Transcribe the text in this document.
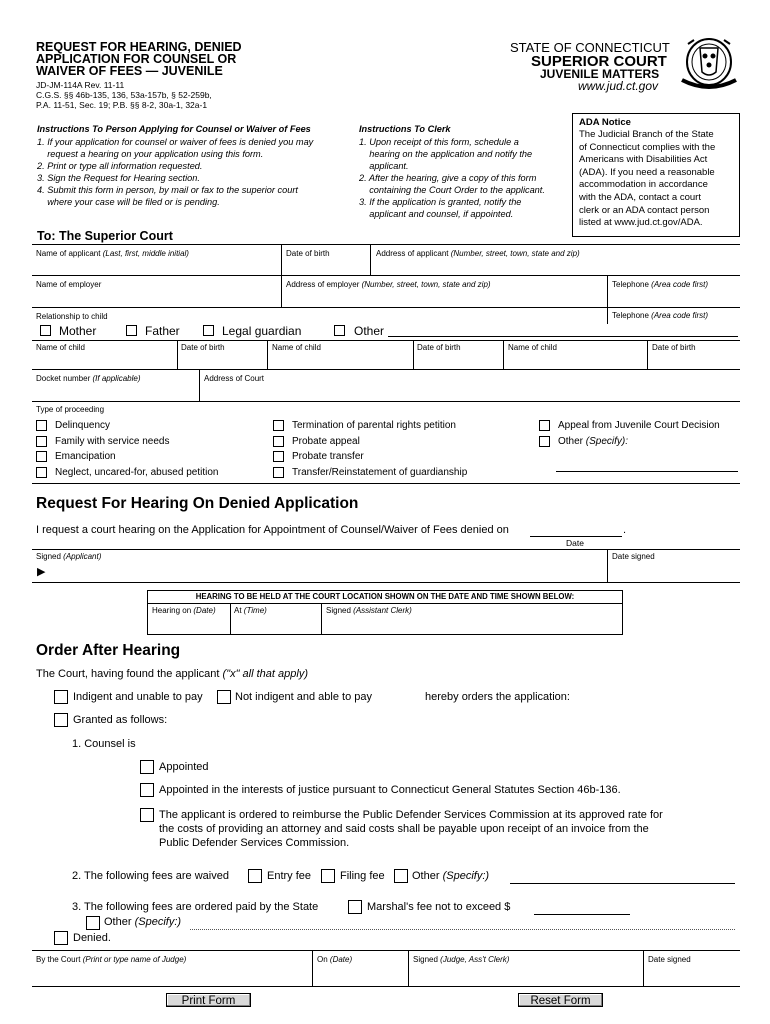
REQUEST FOR HEARING, DENIED
APPLICATION FOR COUNSEL OR
WAIVER OF FEES — JUVENILE
JD-JM-114A Rev. 11-11
C.G.S. §§ 46b-135, 136, 53a-157b, § 52-259b,
P.A. 11-51, Sec. 19; P.B. §§ 8-2, 30a-1, 32a-1
STATE OF CONNECTICUT
SUPERIOR COURT
JUVENILE MATTERS
www.jud.ct.gov
Instructions To Person Applying for Counsel or Waiver of Fees
1. If your application for counsel or waiver of fees is denied you may
request a hearing on your application using this form.
2. Print or type all information requested.
3. Sign the Request for Hearing section.
4. Submit this form in person, by mail or fax to the superior court
where your case will be filed or is pending.
Instructions To Clerk
1. Upon receipt of this form, schedule a
hearing on the application and notify the
applicant.
2. After the hearing, give a copy of this form
containing the Court Order to the applicant.
3. If the application is granted, notify the
applicant and counsel, if appointed.
ADA Notice
The Judicial Branch of the State
of Connecticut complies with the
Americans with Disabilities Act
(ADA). If you need a reasonable
accommodation in accordance
with the ADA, contact a court
clerk or an ADA contact person
listed at www.jud.ct.gov/ADA.
To: The Superior Court
Name of applicant (Last, first, middle initial)	Date of birth	Address of applicant (Number, street, town, state and zip)
Name of employer	Address of employer (Number, street, town, state and zip)	Telephone (Area code first)
Relationship to child	Telephone (Area code first)
Mother	Father	Legal guardian	Other
Name of child	Date of birth	Name of child	Date of birth	Name of child	Date of birth
Docket number (If applicable)	Address of Court
Type of proceeding
Delinquency
Family with service needs
Emancipation
Neglect, uncared-for, abused petition
Termination of parental rights petition
Probate appeal
Probate transfer
Transfer/Reinstatement of guardianship
Appeal from Juvenile Court Decision
Other (Specify):
Request For Hearing On Denied Application
I request a court hearing on the Application for Appointment of Counsel/Waiver of Fees denied on	.
Date
Signed (Applicant)
▶
Date signed
HEARING TO BE HELD AT THE COURT LOCATION SHOWN ON THE DATE AND TIME SHOWN BELOW:
Hearing on (Date) At (Time)	Signed (Assistant Clerk)
Order After Hearing
The Court, having found the applicant ("x" all that apply)
Indigent and unable to pay	Not indigent and able to pay	hereby orders the application:
Granted as follows:
1. Counsel is
Appointed
Appointed in the interests of justice pursuant to Connecticut General Statutes Section 46b-136.
The applicant is ordered to reimburse the Public Defender Services Commission at its approved rate for
the costs of providing an attorney and said costs shall be payable upon receipt of an invoice from the
Public Defender Services Commission.
2. The following fees are waived	Entry fee	Filing fee Other (Specify:)
3. The following fees are ordered paid by the State	Marshal's fee not to exceed $
Other (Specify:)
Denied.
By the Court (Print or type name of Judge)	On (Date)	Signed (Judge, Ass't Clerk)	Date signed
Print Form	Reset Form
